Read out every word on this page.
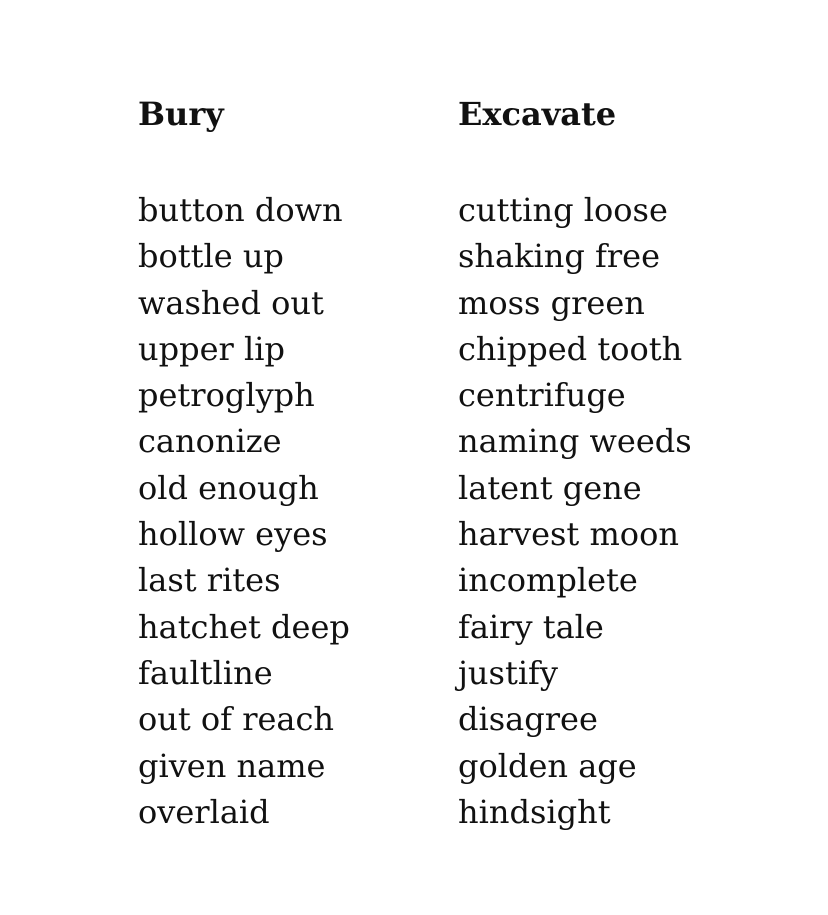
Bury
button down
bottle up
washed out
upper lip
petroglyph
canonize
old enough
hollow eyes
last rites
hatchet deep
faultline
out of reach
given name
overlaid
Excavate
cutting loose
shaking free
moss green
chipped tooth
centrifuge
naming weeds
latent gene
harvest moon
incomplete
fairy tale
justify
disagree
golden age
hindsight
